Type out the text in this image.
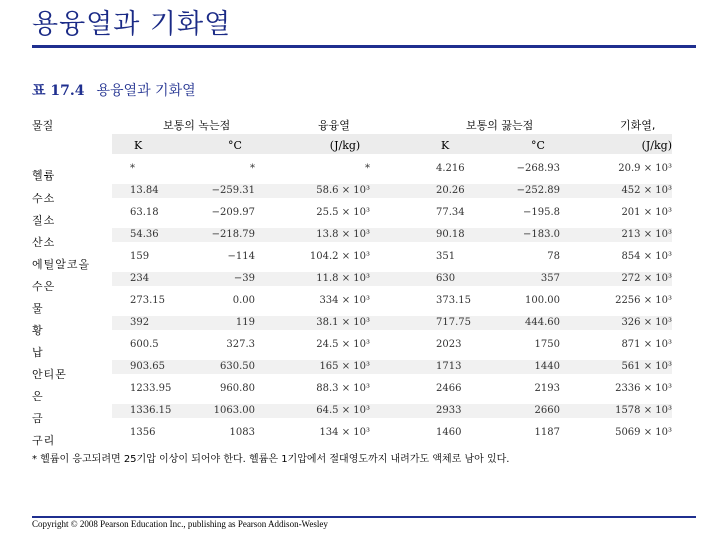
용융열과 기화열

표 17.4 용융열과 기화열

물질	보통의 녹는점	융융열	보통의 끓는점	기화열,
K	°C	(J/kg)	K	°C	(J/kg)
헬륨
*	*	*	4.216	−268.93	20.9 × 10³
수소
13.84	−259.31	58.6 × 10³	20.26	−252.89	452 × 10³
질소
63.18	−209.97	25.5 × 10³	77.34	−195.8	201 × 10³
산소
54.36	−218.79	13.8 × 10³	90.18	−183.0	213 × 10³
에틸알코올
159	−114	104.2 × 10³	351	78	854 × 10³
수은
234	−39	11.8 × 10³	630	357	272 × 10³
물
273.15	0.00	334 × 10³	373.15	100.00	2256 × 10³
황
392	119	38.1 × 10³	717.75	444.60	326 × 10³
납
600.5	327.3	24.5 × 10³	2023	1750	871 × 10³
안티몬
903.65	630.50	165 × 10³	1713	1440	561 × 10³
은
1233.95	960.80	88.3 × 10³	2466	2193	2336 × 10³
금
1336.15	1063.00	64.5 × 10³	2933	2660	1578 × 10³
구리
1356	1083	134 × 10³	1460	1187	5069 × 10³

* 헬륨이 응고되려면 25기압 이상이 되어야 한다. 헬륨은 1기압에서 절대영도까지 내려가도 액체로 남아 있다.

Copyright © 2008 Pearson Education Inc., publishing as Pearson Addison-Wesley
